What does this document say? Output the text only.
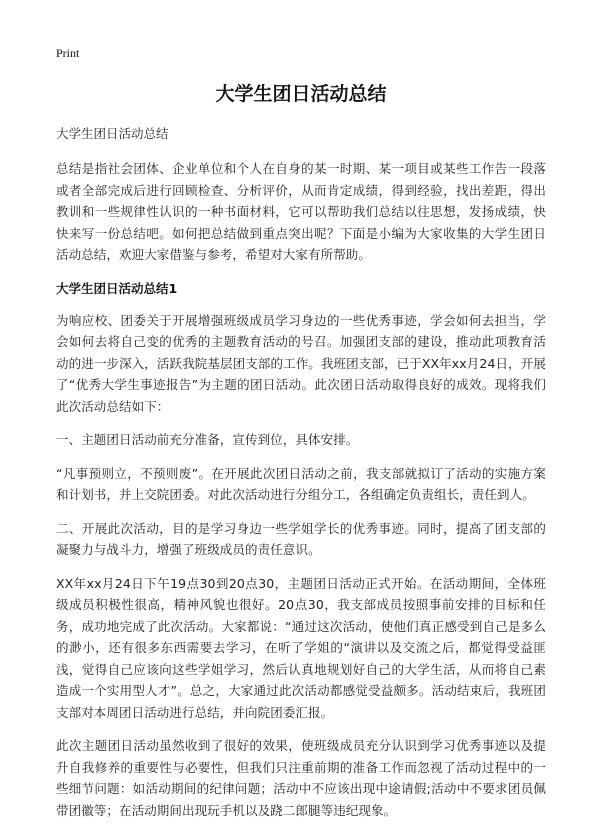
Print
大学生团日活动总结
大学生团日活动总结

总结是指社会团体、企业单位和个人在自身的某一时期、某一项目或某些工作告一段落或者全部完成后进行回顾检查、分析评价，从而肯定成绩，得到经验，找出差距，得出教训和一些规律性认识的一种书面材料，它可以帮助我们总结以往思想，发扬成绩，快快来写一份总结吧。如何把总结做到重点突出呢？下面是小编为大家收集的大学生团日活动总结，欢迎大家借鉴与参考，希望对大家有所帮助。

大学生团日活动总结1

为响应校、团委关于开展增强班级成员学习身边的一些优秀事迹，学会如何去担当，学会如何去将自己变的优秀的主题教育活动的号召。加强团支部的建设，推动此项教育活动的进一步深入，活跃我院基层团支部的工作。我班团支部，已于XX年xx月24日，开展了“优秀大学生事迹报告”为主题的团日活动。此次团日活动取得良好的成效。现将我们此次活动总结如下：

一、主题团日活动前充分准备，宣传到位，具体安排。

“凡事预则立，不预则废”。在开展此次团日活动之前，我支部就拟订了活动的实施方案和计划书，并上交院团委。对此次活动进行分组分工，各组确定负责组长，责任到人。

二、开展此次活动，目的是学习身边一些学姐学长的优秀事迹。同时，提高了团支部的凝聚力与战斗力，增强了班级成员的责任意识。

XX年xx月24日下午19点30到20点30，主题团日活动正式开始。在活动期间，全体班级成员积极性很高，精神风貌也很好。20点30，我支部成员按照事前安排的目标和任务，成功地完成了此次活动。大家都说：“通过这次活动，使他们真正感受到自己是多么的渺小，还有很多东西需要去学习，在听了学姐的“演讲以及交流之后，都觉得受益匪浅，觉得自己应该向这些学姐学习，然后认真地规划好自己的大学生活，从而将自己素造成一个实用型人才”。总之，大家通过此次活动都感觉受益颇多。活动结束后，我班团支部对本周团日活动进行总结，并向院团委汇报。

此次主题团日活动虽然收到了很好的效果，使班级成员充分认识到学习优秀事迹以及提升自我修养的重要性与必要性，但我们只注重前期的准备工作而忽视了活动过程中的一些细节问题：如活动期间的纪律问题；活动中不应该出现中途请假;活动中不要求团员佩带团徽等；在活动期间出现玩手机以及跷二郎腿等违纪现象。
